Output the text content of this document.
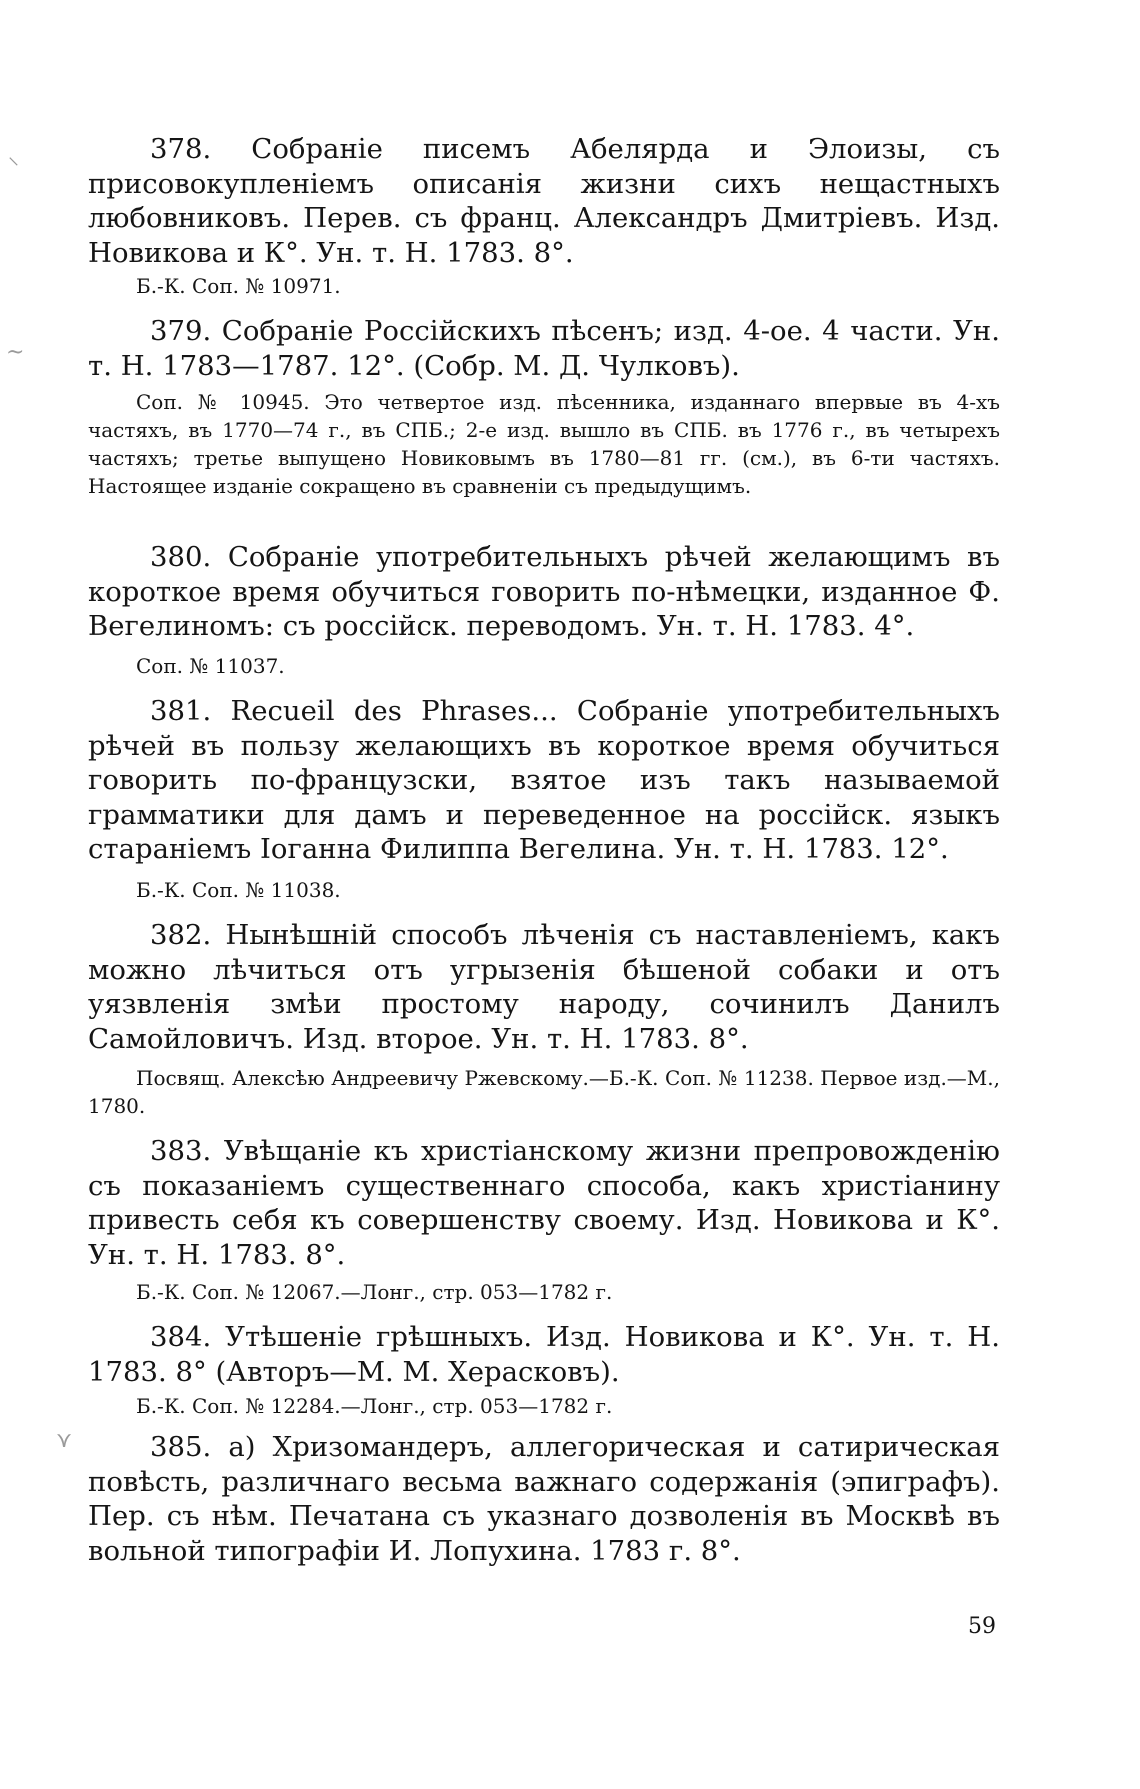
378. Собраніе писемъ Абелярда и Элоизы, съ присовокупленіемъ описанія жизни сихъ нещастныхъ любовниковъ. Перев. съ франц. Александръ Дмитріевъ. Изд. Новикова и К°. Ун. т. Н. 1783. 8°.

Б.-К. Соп. № 10971.

379. Собраніе Россійскихъ пѣсенъ; изд. 4-ое. 4 части. Ун. т. Н. 1783—1787. 12°. (Собр. М. Д. Чулковъ).

Соп. № 10945. Это четвертое изд. пѣсенника, изданнаго впервые въ 4-хъ частяхъ, въ 1770—74 г., въ СПБ.; 2-е изд. вышло въ СПБ. въ 1776 г., въ четырехъ частяхъ; третье выпущено Новиковымъ въ 1780—81 гг. (см.), въ 6-ти частяхъ. Настоящее изданіе сокращено въ сравненіи съ предыдущимъ.

380. Собраніе употребительныхъ рѣчей желающимъ въ короткое время обучиться говорить по-нѣмецки, изданное Ф. Вегелиномъ: съ россійск. переводомъ. Ун. т. Н. 1783. 4°.

Соп. № 11037.

381. Recueil des Phrases... Собраніе употребительныхъ рѣчей въ пользу желающихъ въ короткое время обучиться говорить по-французски, взятое изъ такъ называемой грамматики для дамъ и переведенное на россійск. языкъ стараніемъ Іоганна Филиппа Вегелина. Ун. т. Н. 1783. 12°.

Б.-К. Соп. № 11038.

382. Нынѣшній способъ лѣченія съ наставленіемъ, какъ можно лѣчиться отъ угрызенія бѣшеной собаки и отъ уязвленія змѣи простому народу, сочинилъ Данилъ Самойловичъ. Изд. второе. Ун. т. Н. 1783. 8°.

Посвящ. Алексѣю Андреевичу Ржевскому.—Б.-К. Соп. № 11238. Первое изд.—М., 1780.

383. Увѣщаніе къ христіанскому жизни препровожденію съ показаніемъ существеннаго способа, какъ христіанину привесть себя къ совершенству своему. Изд. Новикова и К°. Ун. т. Н. 1783. 8°.

Б.-К. Соп. № 12067.—Лонг., стр. 053—1782 г.

384. Утѣшеніе грѣшныхъ. Изд. Новикова и К°. Ун. т. Н. 1783. 8° (Авторъ—М. М. Херасковъ).

Б.-К. Соп. № 12284.—Лонг., стр. 053—1782 г.

385. а) Хризомандеръ, аллегорическая и сатирическая повѣсть, различнаго весьма важнаго содержанія (эпиграфъ). Пер. съ нѣм. Печатана съ указнаго дозволенія въ Москвѣ въ вольной типографіи И. Лопухина. 1783 г. 8°.

59
⸌
~
⋎
